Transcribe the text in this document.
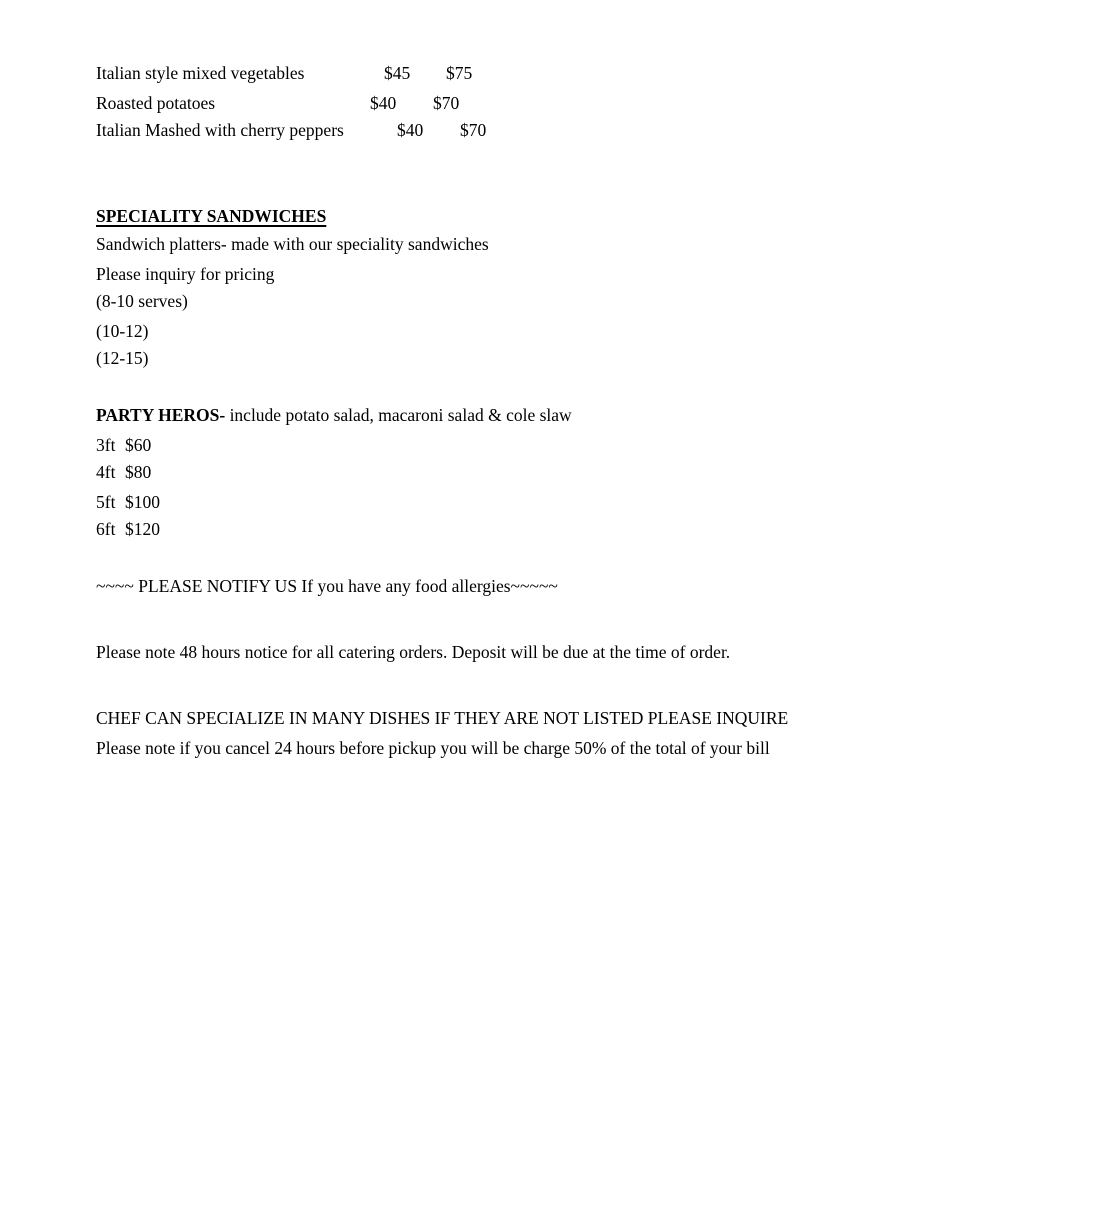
Italian style mixed vegetables	$45 $75
Roasted potatoes	$40 $70
Italian Mashed with cherry peppers	$40 $70
SPECIALITY SANDWICHES
Sandwich platters- made with our speciality sandwiches
Please inquiry for pricing
(8-10 serves)
(10-12)
(12-15)
PARTY HEROS- include potato salad, macaroni salad & cole slaw
3ft $60
4ft $80
5ft $100
6ft $120
~~~~ PLEASE NOTIFY US If you have any food allergies~~~~~
Please note 48 hours notice for all catering orders. Deposit will be due at the time of order.
CHEF CAN SPECIALIZE IN MANY DISHES IF THEY ARE NOT LISTED PLEASE INQUIRE
Please note if you cancel 24 hours before pickup you will be charge 50% of the total of your bill
